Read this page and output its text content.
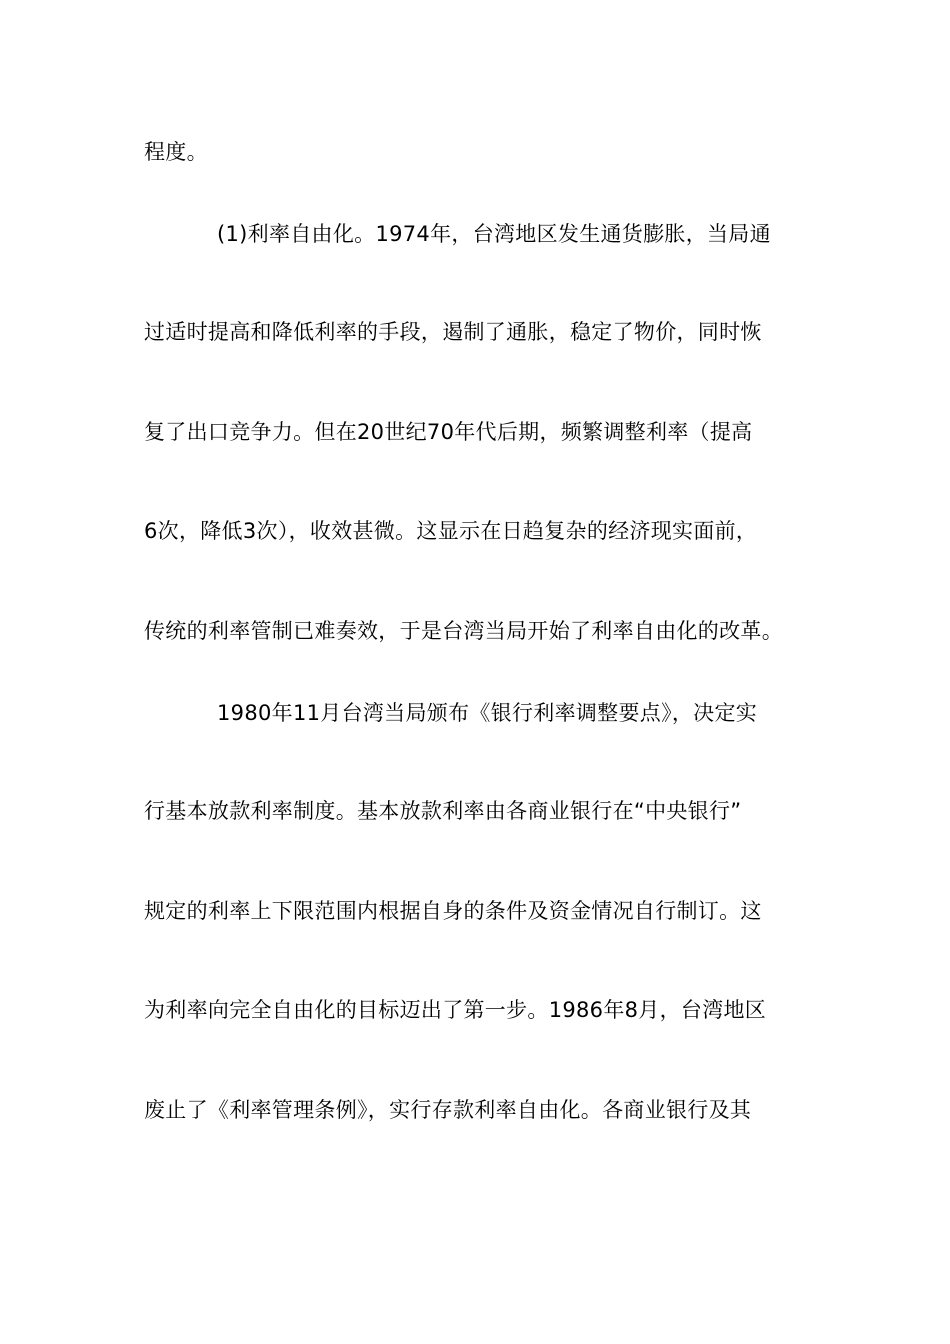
程度。
(1)利率自由化。1974年，台湾地区发生通货膨胀，当局通
过适时提高和降低利率的手段，遏制了通胀，稳定了物价，同时恢
复了出口竞争力。但在20世纪70年代后期，频繁调整利率（提高
6次，降低3次），收效甚微。这显示在日趋复杂的经济现实面前，
传统的利率管制已难奏效，于是台湾当局开始了利率自由化的改革。
1980年11月台湾当局颁布《银行利率调整要点》，决定实
行基本放款利率制度。基本放款利率由各商业银行在“中央银行”
规定的利率上下限范围内根据自身的条件及资金情况自行制订。这
为利率向完全自由化的目标迈出了第一步。1986年8月，台湾地区
废止了《利率管理条例》，实行存款利率自由化。各商业银行及其
